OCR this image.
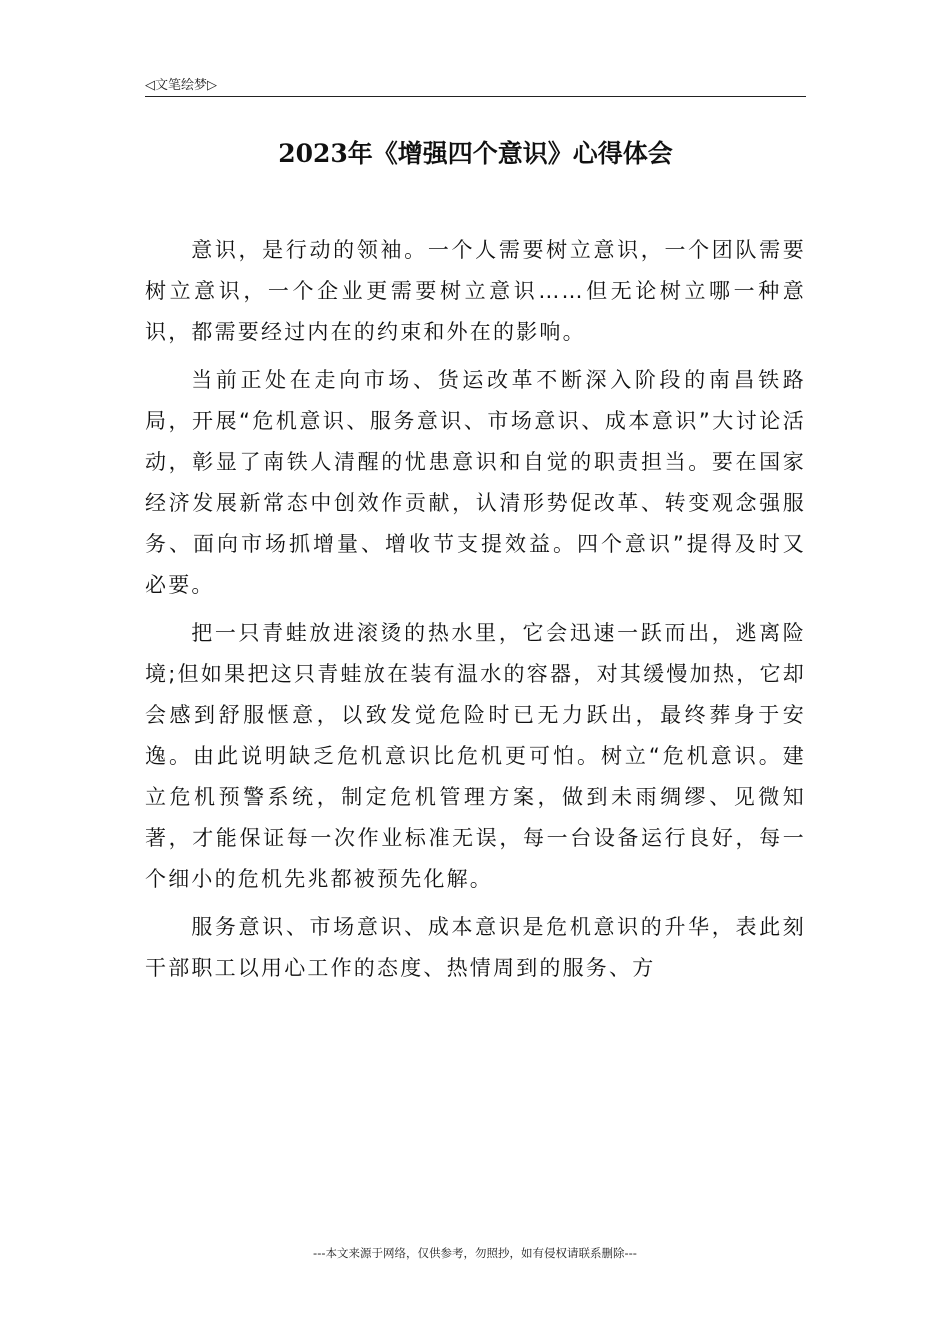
◁文笔绘梦▷
2023年《增强四个意识》心得体会

意识，是行动的领袖。一个人需要树立意识，一个团队需要树立意识，一个企业更需要树立意识……但无论树立哪一种意识，都需要经过内在的约束和外在的影响。

当前正处在走向市场、货运改革不断深入阶段的南昌铁路局，开展“危机意识、服务意识、市场意识、成本意识”大讨论活动，彰显了南铁人清醒的忧患意识和自觉的职责担当。要在国家经济发展新常态中创效作贡献，认清形势促改革、转变观念强服务、面向市场抓增量、增收节支提效益。四个意识”提得及时又必要。

把一只青蛙放进滚烫的热水里，它会迅速一跃而出，逃离险境;但如果把这只青蛙放在装有温水的容器，对其缓慢加热，它却会感到舒服惬意，以致发觉危险时已无力跃出，最终葬身于安逸。由此说明缺乏危机意识比危机更可怕。树立“危机意识。建立危机预警系统，制定危机管理方案，做到未雨绸缪、见微知著，才能保证每一次作业标准无误，每一台设备运行良好，每一个细小的危机先兆都被预先化解。

服务意识、市场意识、成本意识是危机意识的升华，表此刻干部职工以用心工作的态度、热情周到的服务、方

---本文来源于网络，仅供参考，勿照抄，如有侵权请联系删除---
